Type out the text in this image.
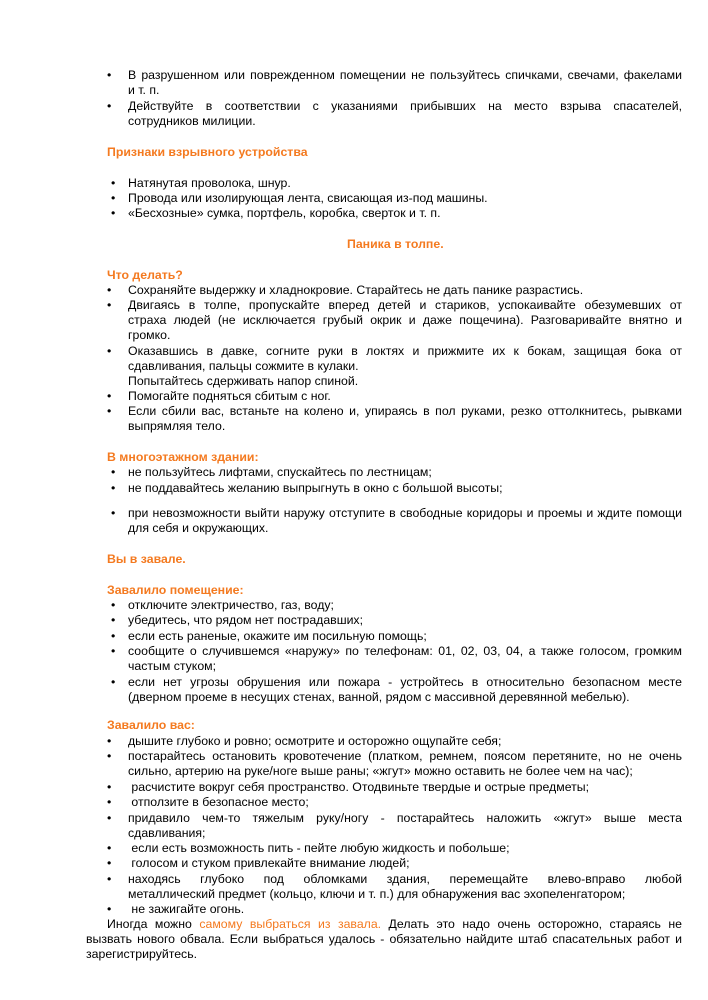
• В разрушенном или поврежденном помещении не пользуйтесь спичками, свечами, факелами
и т. п.
• Действуйте в соответствии с указаниями прибывших на место взрыва спасателей,
сотрудников милиции.
Признаки взрывного устройства
• Натянутая проволока, шнур.
• Провода или изолирующая лента, свисающая из-под машины.
• «Бесхозные» сумка, портфель, коробка, сверток и т. п.
Паника в толпе.
Что делать?
• Сохраняйте выдержку и хладнокровие. Старайтесь не дать панике разрастись.
• Двигаясь в толпе, пропускайте вперед детей и стариков, успокаивайте обезумевших от
страха людей (не исключается грубый окрик и даже пощечина). Разговаривайте внятно и
громко.
• Оказавшись в давке, согните руки в локтях и прижмите их к бокам, защищая бока от
сдавливания, пальцы сожмите в кулаки.
Попытайтесь сдерживать напор спиной.
• Помогайте подняться сбитым с ног.
• Если сбили вас, встаньте на колено и, упираясь в пол руками, резко оттолкнитесь, рывками
выпрямляя тело.
В многоэтажном здании:
• не пользуйтесь лифтами, спускайтесь по лестницам;
• не поддавайтесь желанию выпрыгнуть в окно с большой высоты;
• при невозможности выйти наружу отступите в свободные коридоры и проемы и ждите помощи
для себя и окружающих.
Вы в завале.
Завалило помещение:
• отключите электричество, газ, воду;
• убедитесь, что рядом нет пострадавших;
• если есть раненые, окажите им посильную помощь;
• сообщите о случившемся «наружу» по телефонам: 01, 02, 03, 04, а также голосом, громким
частым стуком;
• если нет угрозы обрушения или пожара - устройтесь в относительно безопасном месте
(дверном проеме в несущих стенах, ванной, рядом с массивной деревянной мебелью).
Завалило вас:
• дышите глубоко и ровно; осмотрите и осторожно ощупайте себя;
• постарайтесь остановить кровотечение (платком, ремнем, поясом перетяните, но не очень
сильно, артерию на руке/ноге выше раны; «жгут» можно оставить не более чем на час);
• расчистите вокруг себя пространство. Отодвиньте твердые и острые предметы;
• отползите в безопасное место;
• придавило чем-то тяжелым руку/ногу - постарайтесь наложить «жгут» выше места
сдавливания;
• если есть возможность пить - пейте любую жидкость и побольше;
• голосом и стуком привлекайте внимание людей;
• находясь глубоко под обломками здания, перемещайте влево-вправо любой
металлический предмет (кольцо, ключи и т. п.) для обнаружения вас эхопеленгатором;
• не зажигайте огонь.
Иногда можно самому выбраться из завала. Делать это надо очень осторожно, стараясь не
вызвать нового обвала. Если выбраться удалось - обязательно найдите штаб спасательных работ и
зарегистрируйтесь.
